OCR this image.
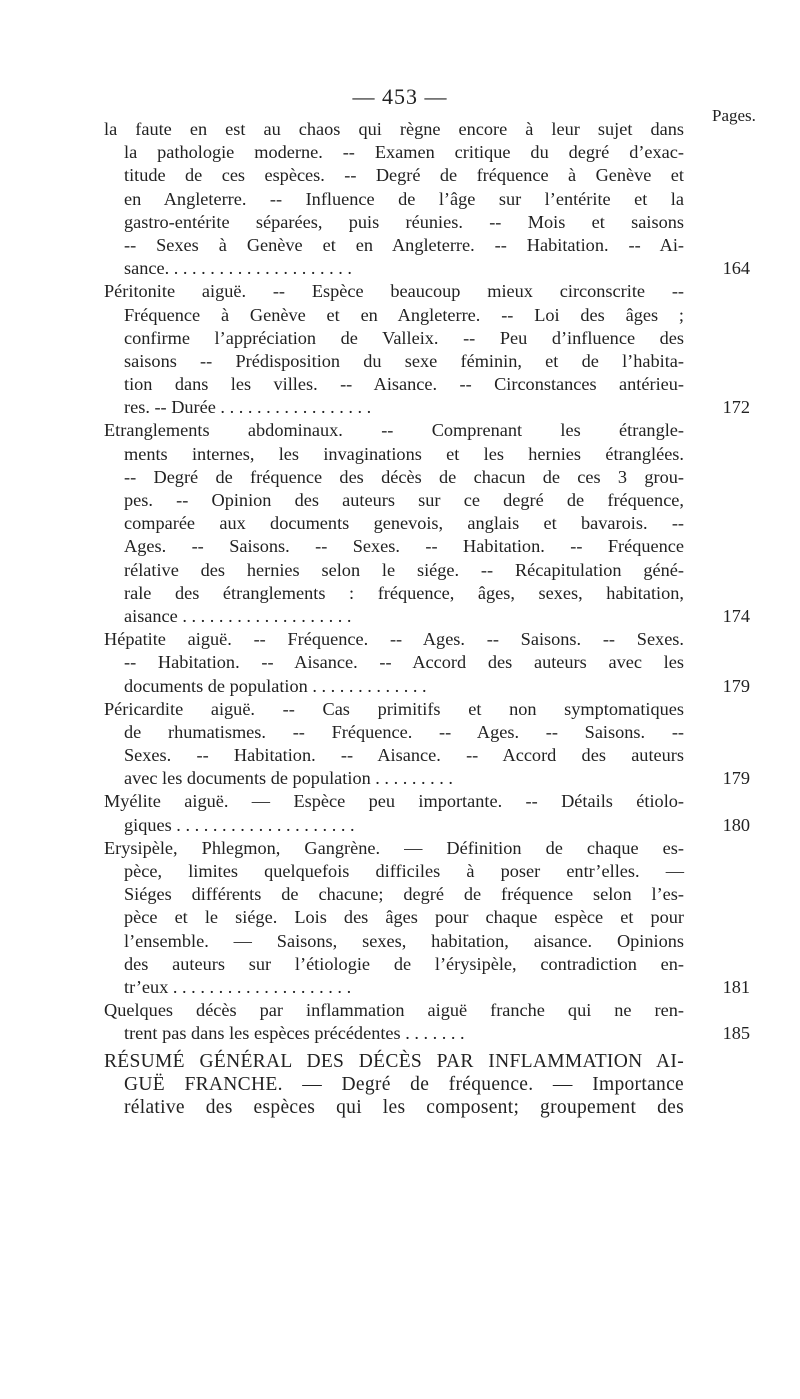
— 453 —
Pages.
la faute en est au chaos qui règne encore à leur sujet dans
la pathologie moderne. -- Examen critique du degré d’exac-
titude de ces espèces. -- Degré de fréquence à Genève et
en Angleterre. -- Influence de l’âge sur l’entérite et la
gastro-entérite séparées, puis réunies. -- Mois et saisons
-- Sexes à Genève et en Angleterre. -- Habitation. -- Ai-
sance. . . . . . . . . . . . . . . . . . . . .	164
Péritonite aiguë. -- Espèce beaucoup mieux circonscrite --
Fréquence à Genève et en Angleterre. -- Loi des âges ;
confirme l’appréciation de Valleix. -- Peu d’influence des
saisons -- Prédisposition du sexe féminin, et de l’habita-
tion dans les villes. -- Aisance. -- Circonstances antérieu-
res. -- Durée . . . . . . . . . . . . . . . . .	172
Etranglements abdominaux. -- Comprenant les étrangle-
ments internes, les invaginations et les hernies étranglées.
-- Degré de fréquence des décès de chacun de ces 3 grou-
pes. -- Opinion des auteurs sur ce degré de fréquence,
comparée aux documents genevois, anglais et bavarois. --
Ages. -- Saisons. -- Sexes. -- Habitation. -- Fréquence
rélative des hernies selon le siége. -- Récapitulation géné-
rale des étranglements : fréquence, âges, sexes, habitation,
aisance . . . . . . . . . . . . . . . . . . .	174
Hépatite aiguë. -- Fréquence. -- Ages. -- Saisons. -- Sexes.
-- Habitation. -- Aisance. -- Accord des auteurs avec les
documents de population . . . . . . . . . . . . .	179
Péricardite aiguë. -- Cas primitifs et non symptomatiques
de rhumatismes. -- Fréquence. -- Ages. -- Saisons. --
Sexes. -- Habitation. -- Aisance. -- Accord des auteurs
avec les documents de population . . . . . . . . .	179
Myélite aiguë. — Espèce peu importante. -- Détails étiolo-
giques . . . . . . . . . . . . . . . . . . . .	180
Erysipèle, Phlegmon, Gangrène. — Définition de chaque es-
pèce, limites quelquefois difficiles à poser entr’elles. —
Siéges différents de chacune; degré de fréquence selon l’es-
pèce et le siége. Lois des âges pour chaque espèce et pour
l’ensemble. — Saisons, sexes, habitation, aisance. Opinions
des auteurs sur l’étiologie de l’érysipèle, contradiction en-
tr’eux . . . . . . . . . . . . . . . . . . . .	181
Quelques décès par inflammation aiguë franche qui ne ren-
trent pas dans les espèces précédentes . . . . . . .	185
RÉSUMÉ GÉNÉRAL DES DÉCÈS PAR INFLAMMATION AI-
GUË FRANCHE. — Degré de fréquence. — Importance
rélative des espèces qui les composent; groupement des
